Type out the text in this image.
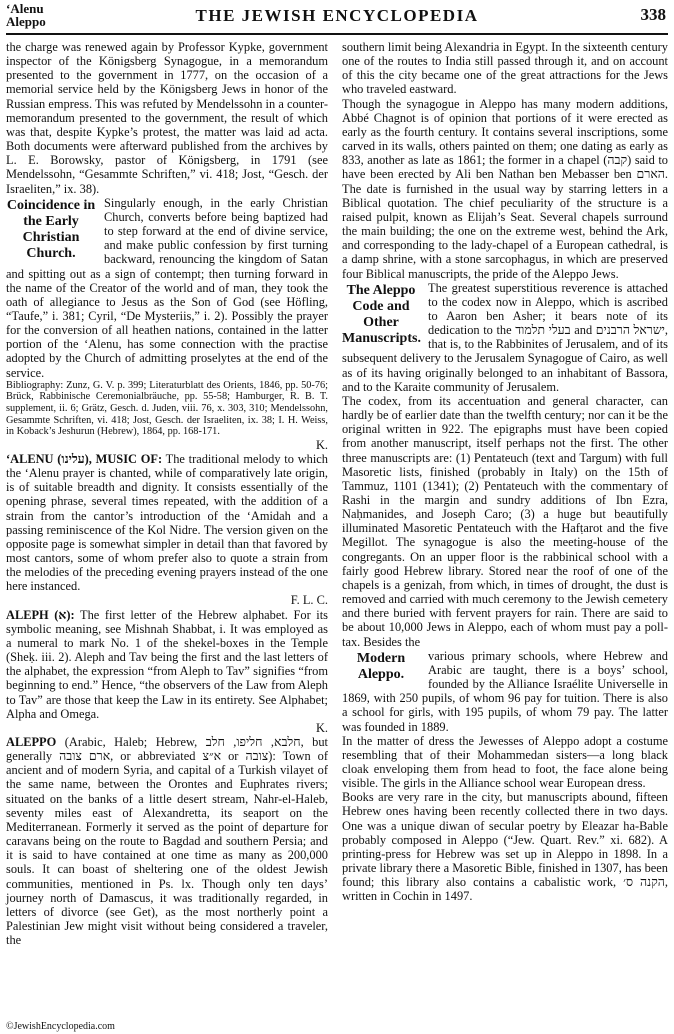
‘Alenu
Aleppo	THE JEWISH ENCYCLOPEDIA	338

the charge was renewed again by Professor Kypke, government inspector of the Königsberg Synagogue, in a memorandum presented to the government in 1777, on the occasion of a memorial service held by the Königsberg Jews in honor of the Russian empress. This was refuted by Mendelssohn in a counter-memorandum presented to the government, the result of which was that, despite Kypke’s protest, the matter was laid ad acta. Both documents were afterward published from the archives by L. E. Borowsky, pastor of Königsberg, in 1791 (see Mendelssohn, “Gesammte Schriften,” vi. 418; Jost, “Gesch. der Israeliten,” ix. 38).

Coincidence in the Early Christian Church.
Singularly enough, in the early Christian Church, converts before being baptized had to step forward at the end of divine service, and make public confession by first turning backward, renouncing the kingdom of Satan and spitting out as a sign of contempt; then turning forward in the name of the Creator of the world and of man, they took the oath of allegiance to Jesus as the Son of God (see Höfling, “Taufe,” i. 381; Cyril, “De Mysteriis,” i. 2). Possibly the prayer for the conversion of all heathen nations, contained in the latter portion of the ‘Alenu, has some connection with the practise adopted by the Church of admitting proselytes at the end of the service.

Bibliography: Zunz, G. V. p. 399; Literaturblatt des Orients, 1846, pp. 50-76; Brück, Rabbinische Ceremonialbräuche, pp. 55-58; Hamburger, R. B. T. supplement, ii. 6; Grätz, Gesch. d. Juden, viii. 76, x. 303, 310; Mendelssohn, Gesammte Schriften, vi. 418; Jost, Gesch. der Israeliten, ix. 38; I. H. Weiss, in Koback’s Jeshurun (Hebrew), 1864, pp. 168-171.

K.

‘ALENU (עלינו), MUSIC OF: The traditional melody to which the ‘Alenu prayer is chanted, while of comparatively late origin, is of suitable breadth and dignity. It consists essentially of the opening phrase, several times repeated, with the addition of a strain from the cantor’s introduction of the ‘Amidah and a passing reminiscence of the Kol Nidre. The version given on the opposite page is somewhat simpler in detail than that favored by most cantors, some of whom prefer also to quote a strain from the melodies of the preceding evening prayers instead of the one here instanced.

F. L. C.

ALEPH (א): The first letter of the Hebrew alphabet. For its symbolic meaning, see Mishnah Shabbat, i. It was employed as a numeral to mark No. 1 of the shekel-boxes in the Temple (Sheḳ. iii. 2). Aleph and Tav being the first and the last letters of the alphabet, the expression “from Aleph to Tav” signifies “from beginning to end.” Hence, “the observers of the Law from Aleph to Tav” are those that keep the Law in its entirety. See Alphabet; Alpha and Omega.

K.

ALEPPO (Arabic, Haleb; Hebrew, חלבא, חליפו, חלב, but generally ארם צובה, or abbreviated א״צ or צובה): Town of ancient and of modern Syria, and capital of a Turkish vilayet of the same name, between the Orontes and Euphrates rivers; situated on the banks of a little desert stream, Nahr-el-Haleb, seventy miles east of Alexandretta, its seaport on the Mediterranean. Formerly it served as the point of departure for caravans being on the route to Bagdad and southern Persia; and it is said to have contained at one time as many as 200,000 souls. It can boast of sheltering one of the oldest Jewish communities, mentioned in Ps. lx. Though only ten days’ journey north of Damascus, it was traditionally regarded, in letters of divorce (see Get), as the most northerly point a Palestinian Jew might visit without being considered a traveler, the

southern limit being Alexandria in Egypt. In the sixteenth century one of the routes to India still passed through it, and on account of this the city became one of the great attractions for the Jews who traveled eastward.

Though the synagogue in Aleppo has many modern additions, Abbé Chagnot is of opinion that portions of it were erected as early as the fourth century. It contains several inscriptions, some carved in its walls, others painted on them; one dating as early as 833, another as late as 1861; the former in a chapel (קבה) said to have been erected by Ali ben Nathan ben Mebasser ben הארם. The date is furnished in the usual way by starring letters in a Biblical quotation. The chief peculiarity of the structure is a raised pulpit, known as Elijah’s Seat. Several chapels surround the main building; the one on the extreme west, behind the Ark, and corresponding to the lady-chapel of a European cathedral, is a damp shrine, with a stone sarcophagus, in which are preserved four Biblical manuscripts, the pride of the Aleppo Jews.

The Aleppo Code and Other Manuscripts.
The greatest superstitious reverence is attached to the codex now in Aleppo, which is ascribed to Aaron ben Asher; it bears note of its dedication to the בעלי תלמוד and ישראל הרבנים, that is, to the Rabbinites of Jerusalem, and of its subsequent delivery to the Jerusalem Synagogue of Cairo, as well as of its having originally belonged to an inhabitant of Bassora, and to the Karaite community of Jerusalem.

The codex, from its accentuation and general character, can hardly be of earlier date than the twelfth century; nor can it be the original written in 922. The epigraphs must have been copied from another manuscript, itself perhaps not the first. The other three manuscripts are: (1) Pentateuch (text and Targum) with full Masoretic lists, finished (probably in Italy) on the 15th of Tammuz, 1101 (1341); (2) Pentateuch with the commentary of Rashi in the margin and sundry additions of Ibn Ezra, Naḥmanides, and Joseph Caro; (3) a huge but beautifully illuminated Masoretic Pentateuch with the Hafṭarot and the five Megillot. The synagogue is also the meeting-house of the congregants. On an upper floor is the rabbinical school with a fairly good Hebrew library. Stored near the roof of one of the chapels is a genizah, from which, in times of drought, the dust is removed and carried with much ceremony to the Jewish cemetery and there buried with fervent prayers for rain. There are said to be about 10,000 Jews in Aleppo, each of whom must pay a poll-tax. Besides the

Modern Aleppo.
various primary schools, where Hebrew and Arabic are taught, there is a boys’ school, founded by the Alliance Israélite Universelle in 1869, with 250 pupils, of whom 96 pay for tuition. There is also a school for girls, with 195 pupils, of whom 79 pay. The latter was founded in 1889.

In the matter of dress the Jewesses of Aleppo adopt a costume resembling that of their Mohammedan sisters—a long black cloak enveloping them from head to foot, the face alone being visible. The girls in the Alliance school wear European dress.

Books are very rare in the city, but manuscripts abound, fifteen Hebrew ones having been recently collected there in two days. One was a unique diwan of secular poetry by Eleazar ha-Bable probably composed in Aleppo (“Jew. Quart. Rev.” xi. 682). A printing-press for Hebrew was set up in Aleppo in 1898. In a private library there a Masoretic Bible, finished in 1307, has been found; this library also contains a cabalistic work, הקנה ס׳, written in Cochin in 1497.

©JewishEncyclopedia.com
